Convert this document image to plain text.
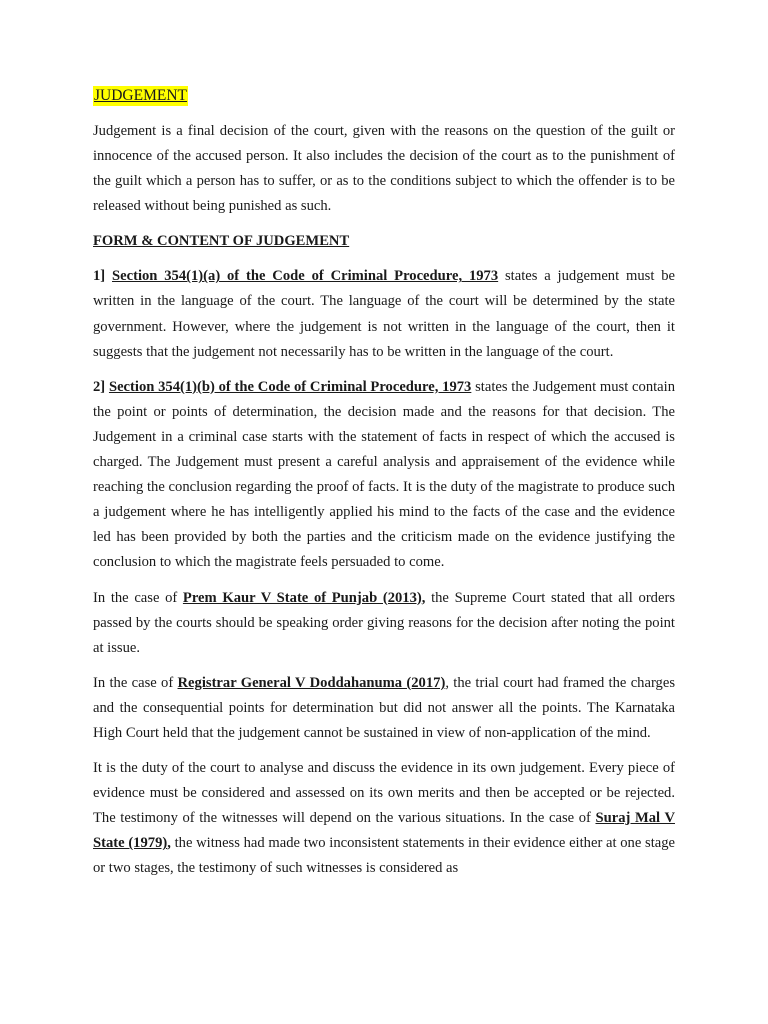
JUDGEMENT

Judgement is a final decision of the court, given with the reasons on the question of the guilt or innocence of the accused person. It also includes the decision of the court as to the punishment of the guilt which a person has to suffer, or as to the conditions subject to which the offender is to be released without being punished as such.

FORM & CONTENT OF JUDGEMENT

1] Section 354(1)(a) of the Code of Criminal Procedure, 1973 states a judgement must be written in the language of the court. The language of the court will be determined by the state government. However, where the judgement is not written in the language of the court, then it suggests that the judgement not necessarily has to be written in the language of the court.

2] Section 354(1)(b) of the Code of Criminal Procedure, 1973 states the Judgement must contain the point or points of determination, the decision made and the reasons for that decision. The Judgement in a criminal case starts with the statement of facts in respect of which the accused is charged. The Judgement must present a careful analysis and appraisement of the evidence while reaching the conclusion regarding the proof of facts. It is the duty of the magistrate to produce such a judgement where he has intelligently applied his mind to the facts of the case and the evidence led has been provided by both the parties and the criticism made on the evidence justifying the conclusion to which the magistrate feels persuaded to come.

In the case of Prem Kaur V State of Punjab (2013), the Supreme Court stated that all orders passed by the courts should be speaking order giving reasons for the decision after noting the point at issue.

In the case of Registrar General V Doddahanuma (2017), the trial court had framed the charges and the consequential points for determination but did not answer all the points. The Karnataka High Court held that the judgement cannot be sustained in view of non-application of the mind.

It is the duty of the court to analyse and discuss the evidence in its own judgement. Every piece of evidence must be considered and assessed on its own merits and then be accepted or be rejected. The testimony of the witnesses will depend on the various situations. In the case of Suraj Mal V State (1979), the witness had made two inconsistent statements in their evidence either at one stage or two stages, the testimony of such witnesses is considered as
